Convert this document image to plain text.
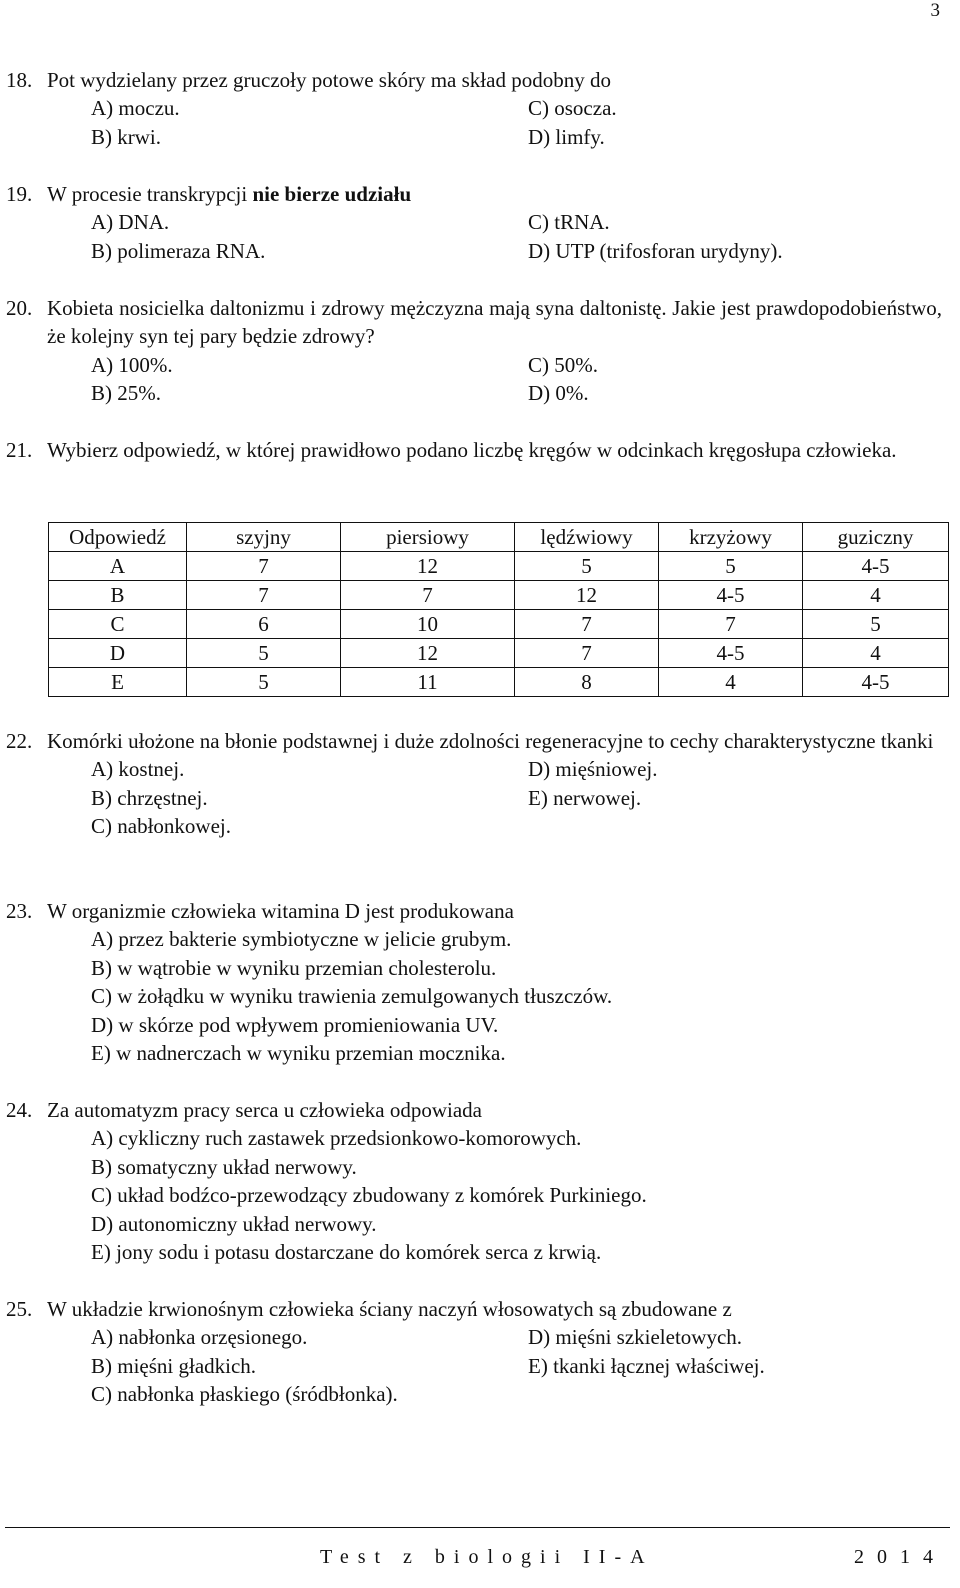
3
18. Pot wydzielany przez gruczoły potowe skóry ma skład podobny do
A) moczu.	C) osocza.
B) krwi.	D) limfy.
19. W procesie transkrypcji nie bierze udziału
A) DNA.	C) tRNA.
B) polimeraza RNA.	D) UTP (trifosforan urydyny).
20. Kobieta nosicielka daltonizmu i zdrowy mężczyzna mają syna daltonistę. Jakie jest prawdopodobieństwo, że kolejny syn tej pary będzie zdrowy?
A) 100%.	C) 50%.
B) 25%.	D) 0%.
21. Wybierz odpowiedź, w której prawidłowo podano liczbę kręgów w odcinkach kręgosłupa człowieka.
Odpowiedź	szyjny	piersiowy	lędźwiowy	krzyżowy	guziczny
A	7	12	5	5	4-5
B	7	7	12	4-5	4
C	6	10	7	7	5
D	5	12	7	4-5	4
E	5	11	8	4	4-5
22. Komórki ułożone na błonie podstawnej i duże zdolności regeneracyjne to cechy charakterystyczne tkanki
A) kostnej.	D) mięśniowej.
B) chrzęstnej.	E) nerwowej.
C) nabłonkowej.
23. W organizmie człowieka witamina D jest produkowana
A) przez bakterie symbiotyczne w jelicie grubym.
B) w wątrobie w wyniku przemian cholesterolu.
C) w żołądku w wyniku trawienia zemulgowanych tłuszczów.
D) w skórze pod wpływem promieniowania UV.
E) w nadnerczach w wyniku przemian mocznika.
24. Za automatyzm pracy serca u człowieka odpowiada
A) cykliczny ruch zastawek przedsionkowo-komorowych.
B) somatyczny układ nerwowy.
C) układ bodźco-przewodzący zbudowany z komórek Purkiniego.
D) autonomiczny układ nerwowy.
E) jony sodu i potasu dostarczane do komórek serca z krwią.
25. W układzie krwionośnym człowieka ściany naczyń włosowatych są zbudowane z
A) nabłonka orzęsionego.	D) mięśni szkieletowych.
B) mięśni gładkich.	E) tkanki łącznej właściwej.
C) nabłonka płaskiego (śródbłonka).
Test z biologii II-A	2014
